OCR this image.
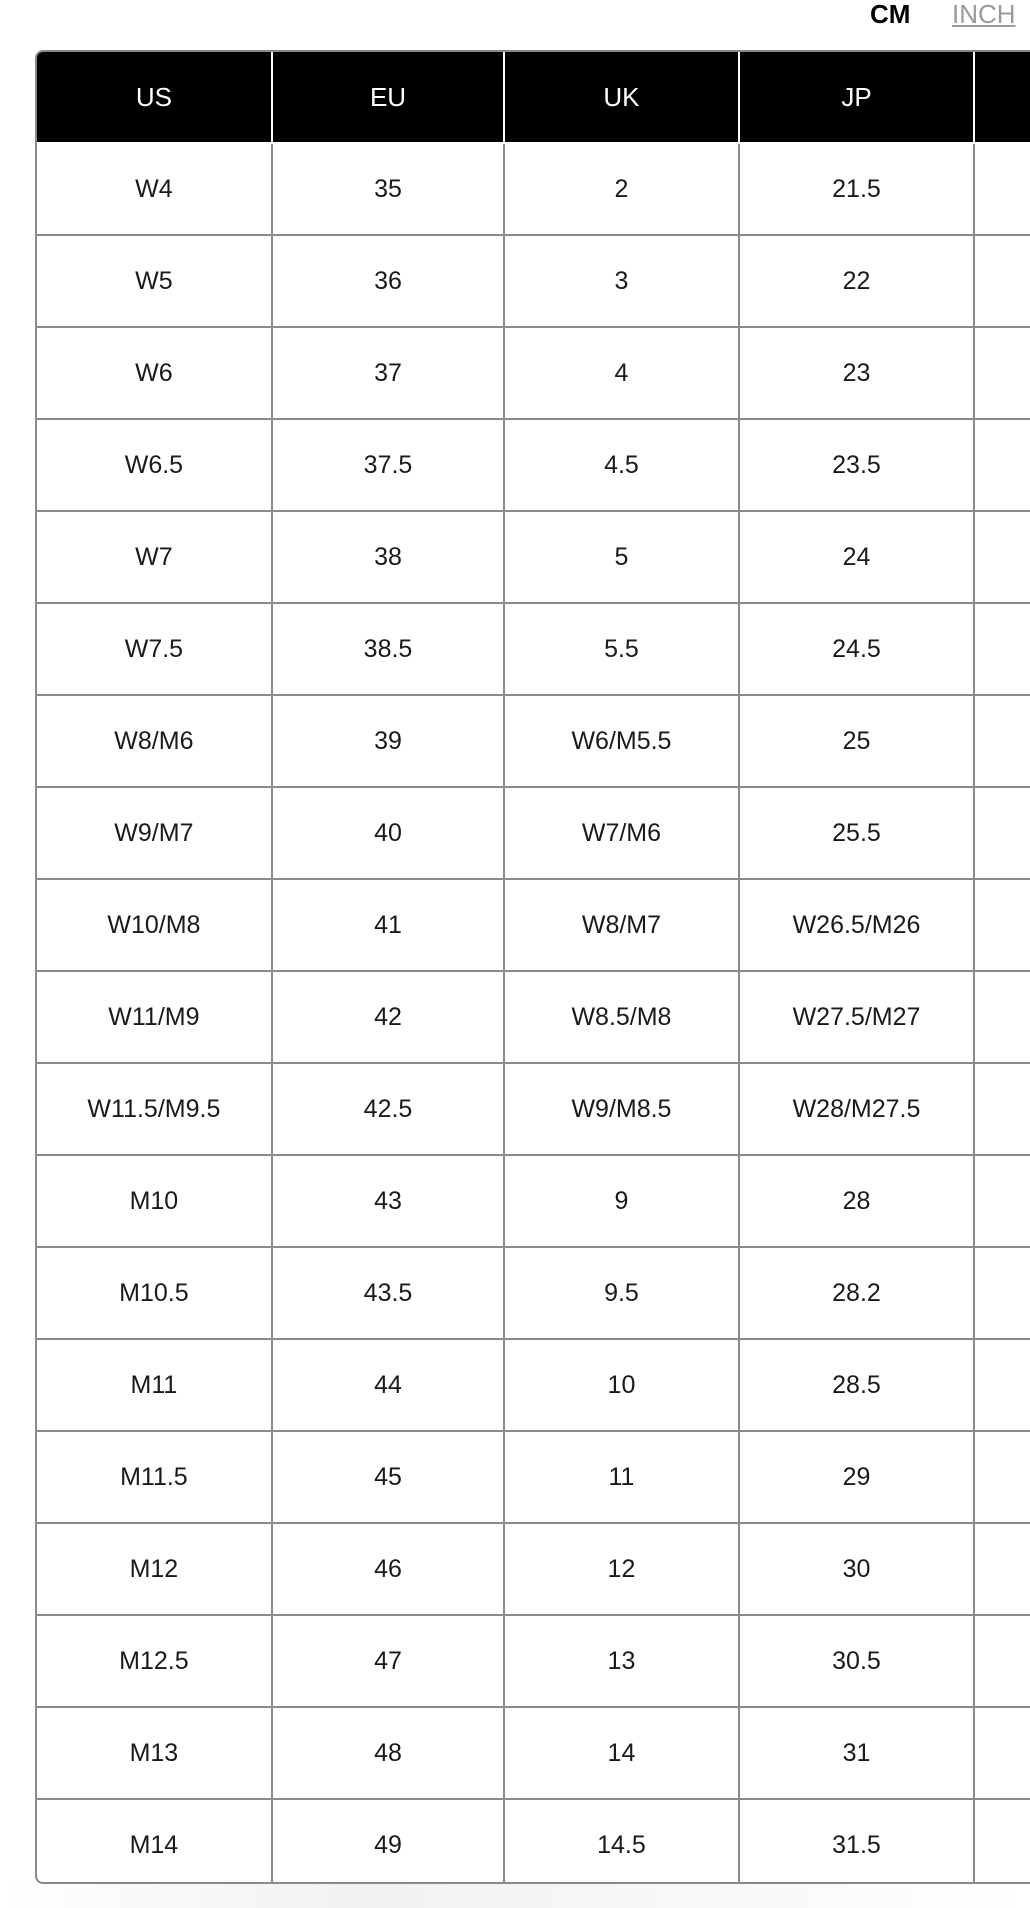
CM INCH
US	EU	UK	JP	
W4	35	2	21.5	
W5	36	3	22	
W6	37	4	23	
W6.5	37.5	4.5	23.5	
W7	38	5	24	
W7.5	38.5	5.5	24.5	
W8/M6	39	W6/M5.5	25	
W9/M7	40	W7/M6	25.5	
W10/M8	41	W8/M7	W26.5/M26	
W11/M9	42	W8.5/M8	W27.5/M27	
W11.5/M9.5	42.5	W9/M8.5	W28/M27.5	
M10	43	9	28	
M10.5	43.5	9.5	28.2	
M11	44	10	28.5	
M11.5	45	11	29	
M12	46	12	30	
M12.5	47	13	30.5	
M13	48	14	31	
M14	49	14.5	31.5	
